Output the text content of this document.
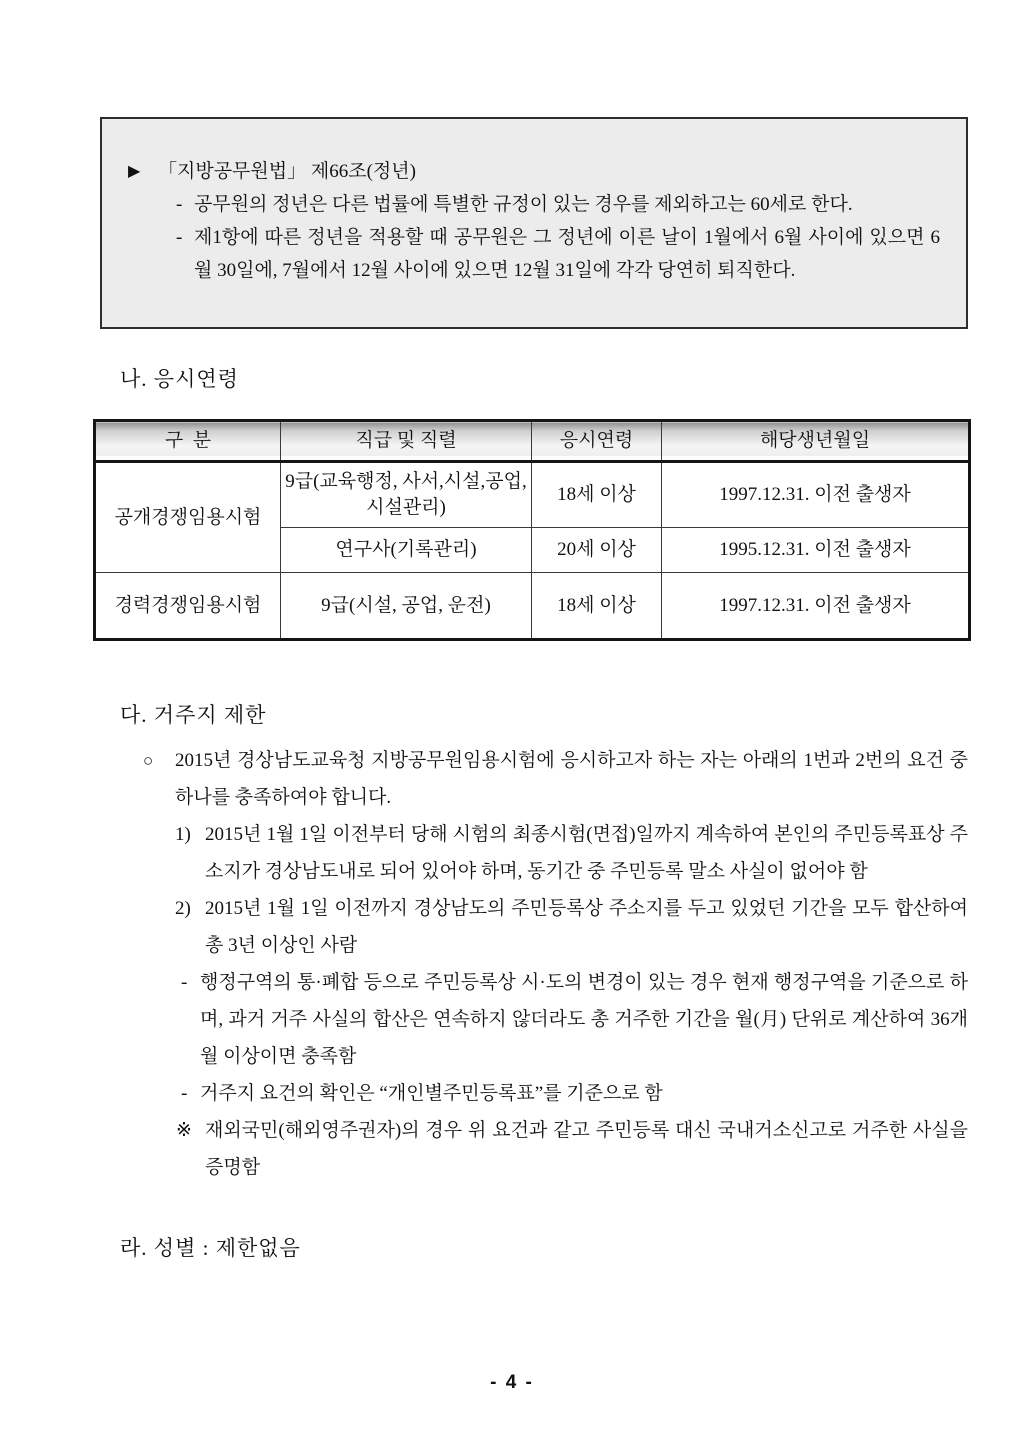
▶ 「지방공무원법」 제66조(정년)
- 공무원의 정년은 다른 법률에 특별한 규정이 있는 경우를 제외하고는 60세로 한다.
- 제1항에 따른 정년을 적용할 때 공무원은 그 정년에 이른 날이 1월에서 6월 사이에 있으면 6월 30일에, 7월에서 12월 사이에 있으면 12월 31일에 각각 당연히 퇴직한다.
나. 응시연령
구  분	직급 및 직렬	응시연령	해당생년월일
공개경쟁임용시험	9급(교육행정, 사서,시설,공업,시설관리)	18세 이상	1997.12.31. 이전 출생자
	연구사(기록관리)	20세 이상	1995.12.31. 이전 출생자
경력경쟁임용시험	9급(시설, 공업, 운전)	18세 이상	1997.12.31. 이전 출생자
다. 거주지 제한
○ 2015년 경상남도교육청 지방공무원임용시험에 응시하고자 하는 자는 아래의 1번과 2번의 요건 중 하나를 충족하여야 합니다.
1) 2015년 1월 1일 이전부터 당해 시험의 최종시험(면접)일까지 계속하여 본인의 주민등록표상 주소지가 경상남도내로 되어 있어야 하며, 동기간 중 주민등록 말소 사실이 없어야 함
2) 2015년 1월 1일 이전까지 경상남도의 주민등록상 주소지를 두고 있었던 기간을 모두 합산하여 총 3년 이상인 사람
- 행정구역의 통·폐합 등으로 주민등록상 시·도의 변경이 있는 경우 현재 행정구역을 기준으로 하며, 과거 거주 사실의 합산은 연속하지 않더라도 총 거주한 기간을 월(月) 단위로 계산하여 36개월 이상이면 충족함
- 거주지 요건의 확인은 “개인별주민등록표”를 기준으로 함
※ 재외국민(해외영주권자)의 경우 위 요건과 같고 주민등록 대신 국내거소신고로 거주한 사실을 증명함
라. 성별 : 제한없음
- 4 -
